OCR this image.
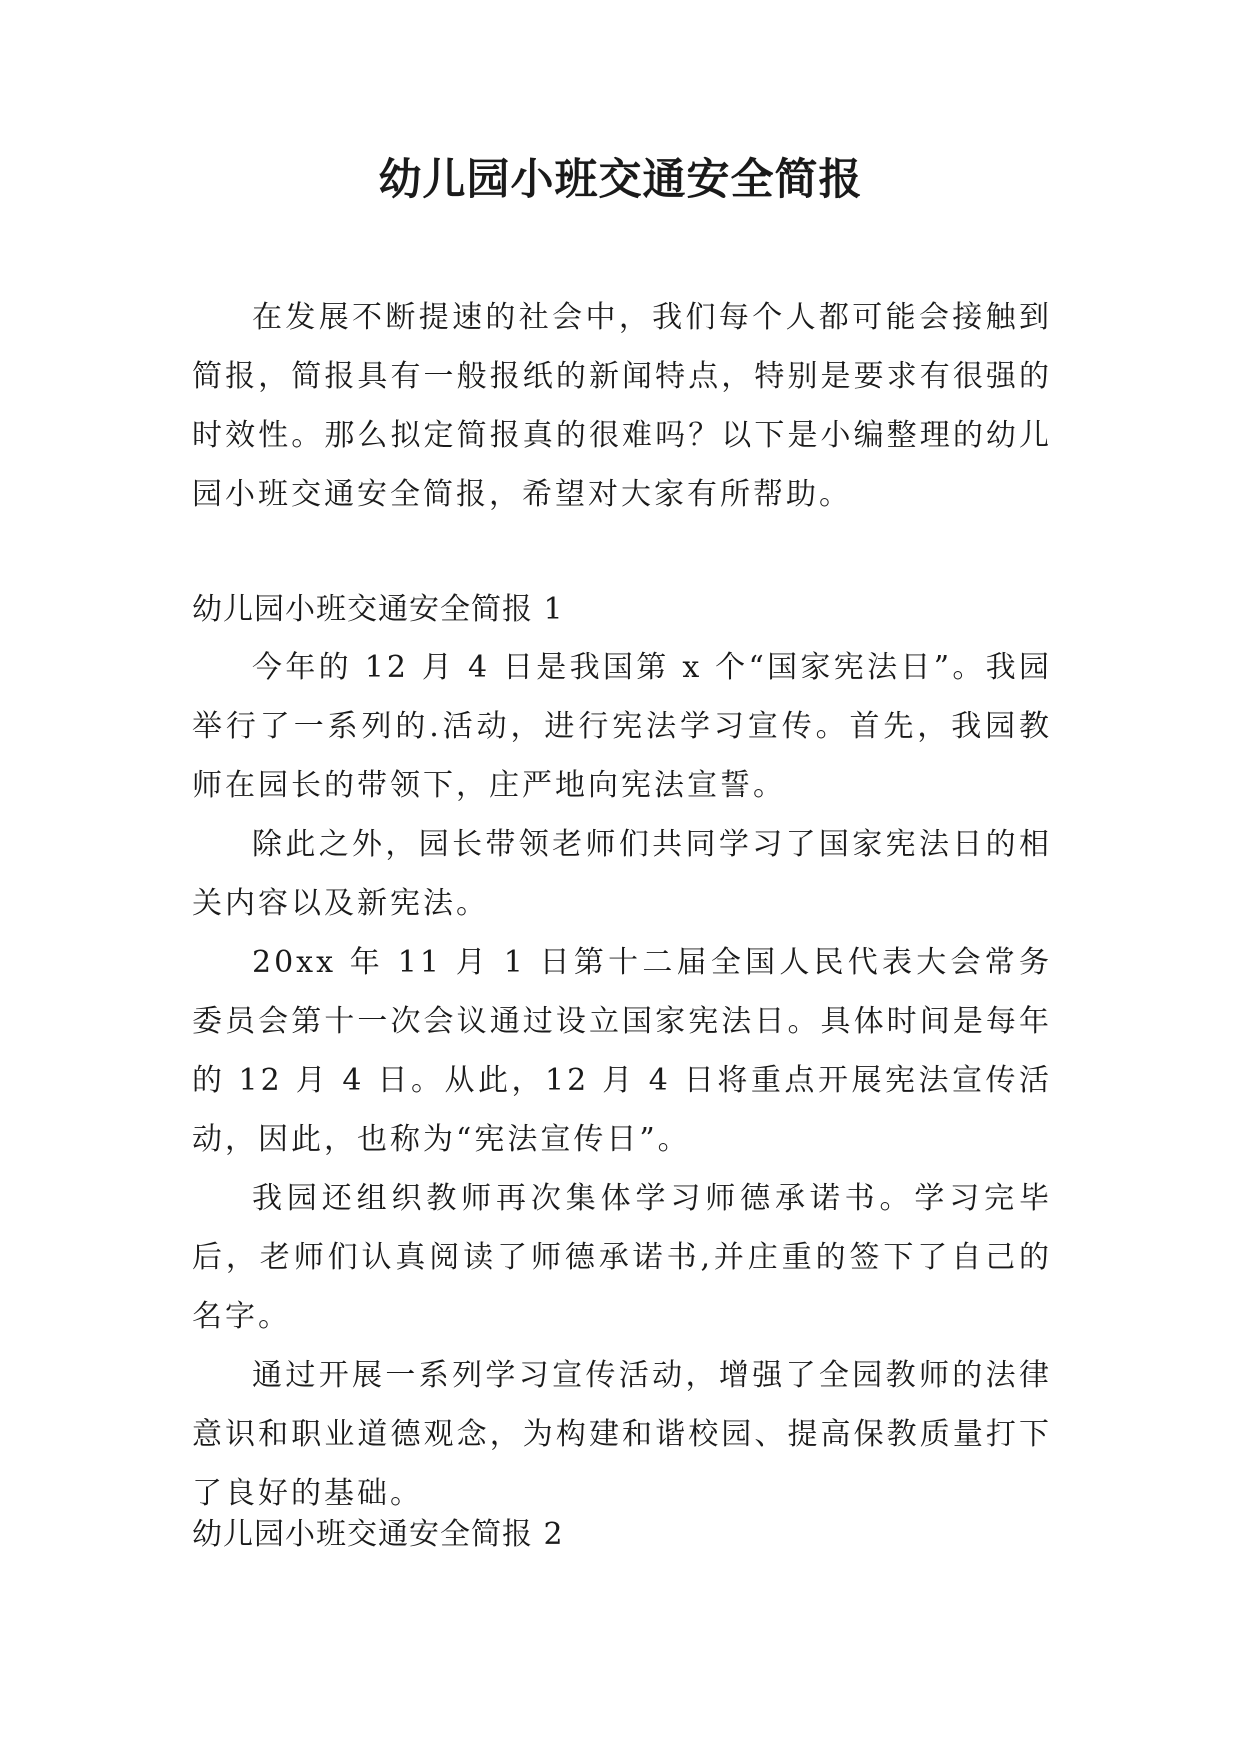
幼儿园小班交通安全简报

在发展不断提速的社会中，我们每个人都可能会接触到简报，简报具有一般报纸的新闻特点，特别是要求有很强的时效性。那么拟定简报真的很难吗？以下是小编整理的幼儿园小班交通安全简报，希望对大家有所帮助。

幼儿园小班交通安全简报 1

今年的 12 月 4 日是我国第 x 个“国家宪法日”。我园举行了一系列的.活动，进行宪法学习宣传。首先，我园教师在园长的带领下，庄严地向宪法宣誓。

除此之外，园长带领老师们共同学习了国家宪法日的相关内容以及新宪法。

20xx 年 11 月 1 日第十二届全国人民代表大会常务委员会第十一次会议通过设立国家宪法日。具体时间是每年的 12 月 4 日。从此，12 月 4 日将重点开展宪法宣传活动，因此，也称为“宪法宣传日”。

我园还组织教师再次集体学习师德承诺书。学习完毕后，老师们认真阅读了师德承诺书,并庄重的签下了自己的名字。

通过开展一系列学习宣传活动，增强了全园教师的法律意识和职业道德观念，为构建和谐校园、提高保教质量打下了良好的基础。

幼儿园小班交通安全简报 2
